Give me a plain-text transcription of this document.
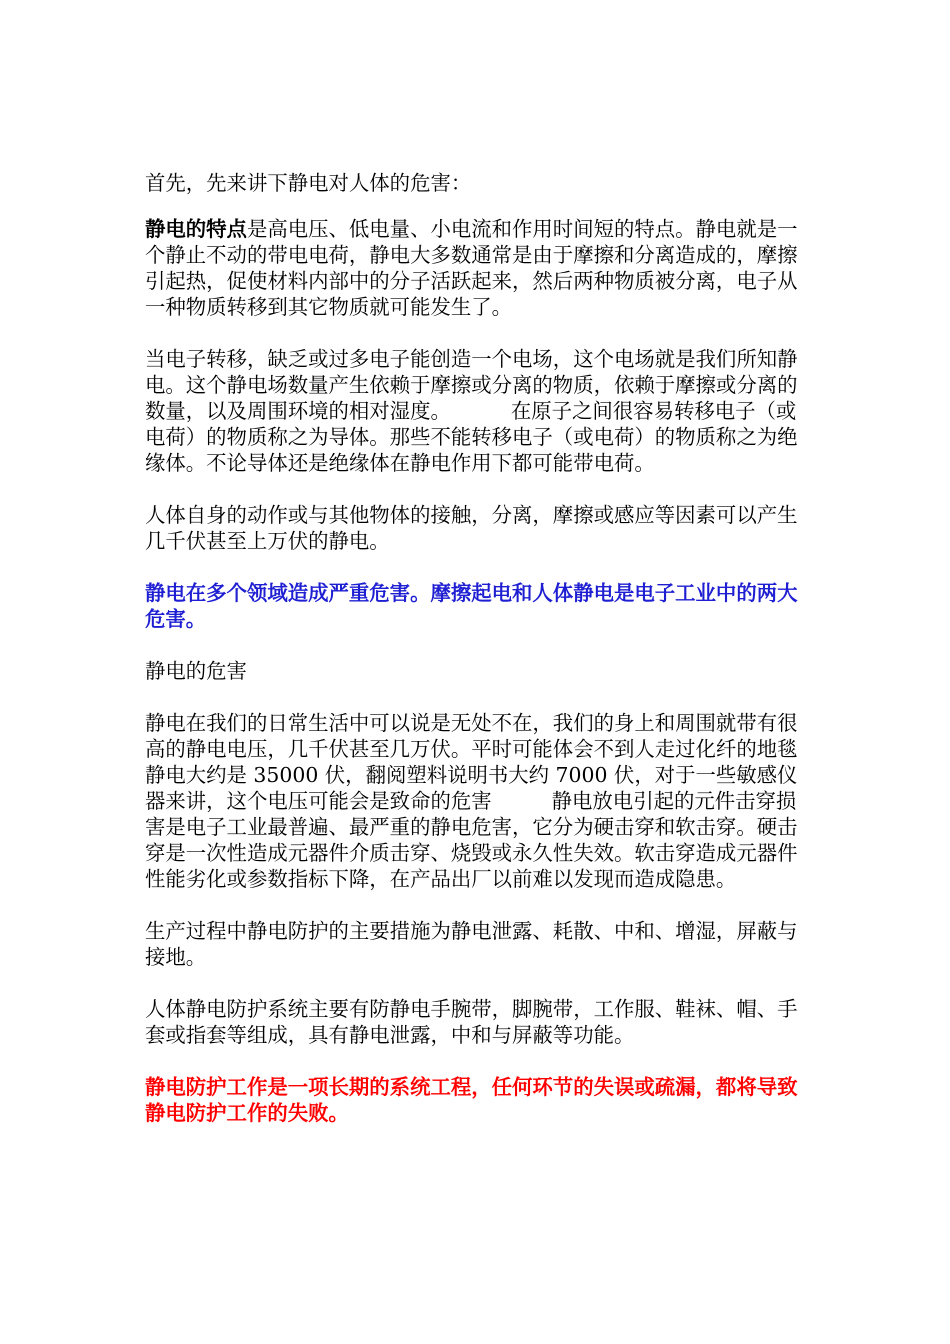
首先，先来讲下静电对人体的危害：

静电的特点是高电压、低电量、小电流和作用时间短的特点。静电就是一个静止不动的带电电荷，静电大多数通常是由于摩擦和分离造成的，摩擦引起热，促使材料内部中的分子活跃起来，然后两种物质被分离，电子从一种物质转移到其它物质就可能发生了。

当电子转移，缺乏或过多电子能创造一个电场，这个电场就是我们所知静电。这个静电场数量产生依赖于摩擦或分离的物质，依赖于摩擦或分离的数量，以及周围环境的相对湿度。	在原子之间很容易转移电子（或电荷）的物质称之为导体。那些不能转移电子（或电荷）的物质称之为绝缘体。不论导体还是绝缘体在静电作用下都可能带电荷。

人体自身的动作或与其他物体的接触，分离，摩擦或感应等因素可以产生几千伏甚至上万伏的静电。

静电在多个领域造成严重危害。摩擦起电和人体静电是电子工业中的两大危害。

静电的危害

静电在我们的日常生活中可以说是无处不在，我们的身上和周围就带有很高的静电电压，几千伏甚至几万伏。平时可能体会不到人走过化纤的地毯静电大约是 35000 伏，翻阅塑料说明书大约 7000 伏，对于一些敏感仪器来讲，这个电压可能会是致命的危害	静电放电引起的元件击穿损害是电子工业最普遍、最严重的静电危害，它分为硬击穿和软击穿。硬击穿是一次性造成元器件介质击穿、烧毁或永久性失效。软击穿造成元器件性能劣化或参数指标下降，在产品出厂以前难以发现而造成隐患。

生产过程中静电防护的主要措施为静电泄露、耗散、中和、增湿，屏蔽与接地。

人体静电防护系统主要有防静电手腕带，脚腕带，工作服、鞋袜、帽、手套或指套等组成，具有静电泄露，中和与屏蔽等功能。

静电防护工作是一项长期的系统工程，任何环节的失误或疏漏，都将导致静电防护工作的失败。
